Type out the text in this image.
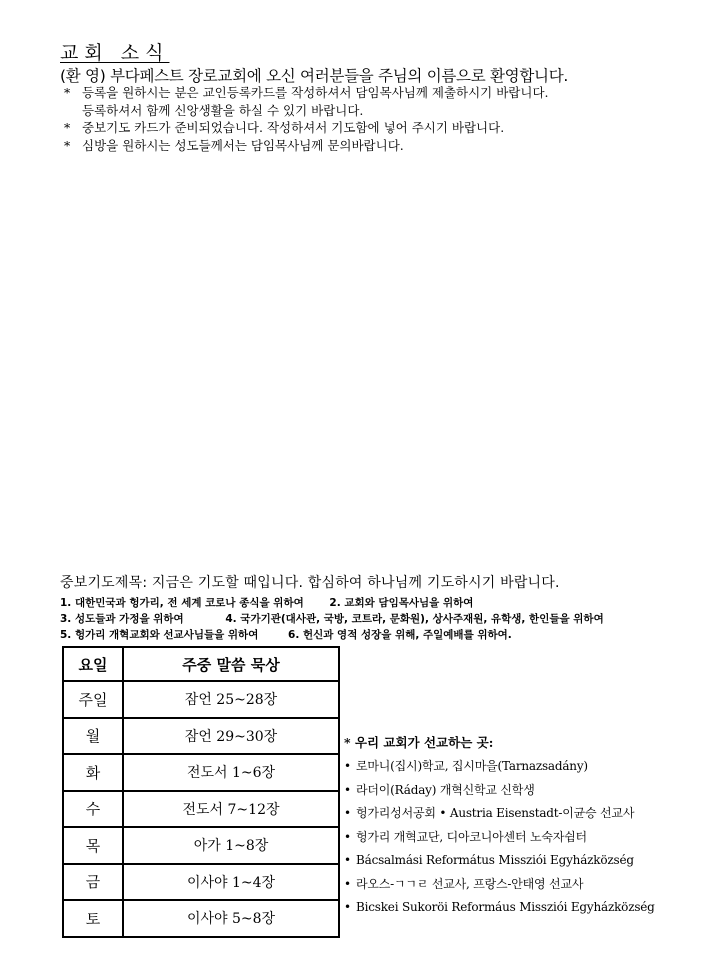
교회 소식
(환 영) 부다페스트 장로교회에 오신 여러분들을 주님의 이름으로 환영합니다.
* 등록을 원하시는 분은 교인등록카드를 작성하셔서 담임목사님께 제출하시기 바랍니다.
등록하셔서 함께 신앙생활을 하실 수 있기 바랍니다.
* 중보기도 카드가 준비되었습니다. 작성하셔서 기도함에 넣어 주시기 바랍니다.
* 심방을 원하시는 성도들께서는 담임목사님께 문의바랍니다.
중보기도제목: 지금은 기도할 때입니다. 합심하여 하나님께 기도하시기 바랍니다.
1. 대한민국과 헝가리, 전 세계 코로나 종식을 위하여 2. 교회와 담임목사님을 위하여
3. 성도들과 가정을 위하여	4. 국가기관(대사관, 국방, 코트라, 문화원), 상사주재원, 유학생, 한인들을 위하여
5. 헝가리 개혁교회와 선교사님들을 위하여	6. 헌신과 영적 성장을 위해, 주일예배를 위하여.
요일	주중 말씀 묵상
주일	잠언 25~28장
월	잠언 29~30장
화	전도서 1~6장
수	전도서 7~12장
목	아가 1~8장
금	이사야 1~4장
토	이사야 5~8장
* 우리 교회가 선교하는 곳:
• 로마니(집시)학교, 집시마을(Tarnazsadány)
• 라더이(Ráday) 개혁신학교 신학생
• 헝가리성서공회 • Austria Eisenstadt-이균승 선교사
• 헝가리 개혁교단, 디아코니아센터 노숙자쉼터
• Bácsalmási Református Missziói Egyházközség
• 라오스-ㄱㄱㄹ 선교사, 프랑스-안태영 선교사
• Bicskei Sukoröi Reformáus Missziói Egyházközség
